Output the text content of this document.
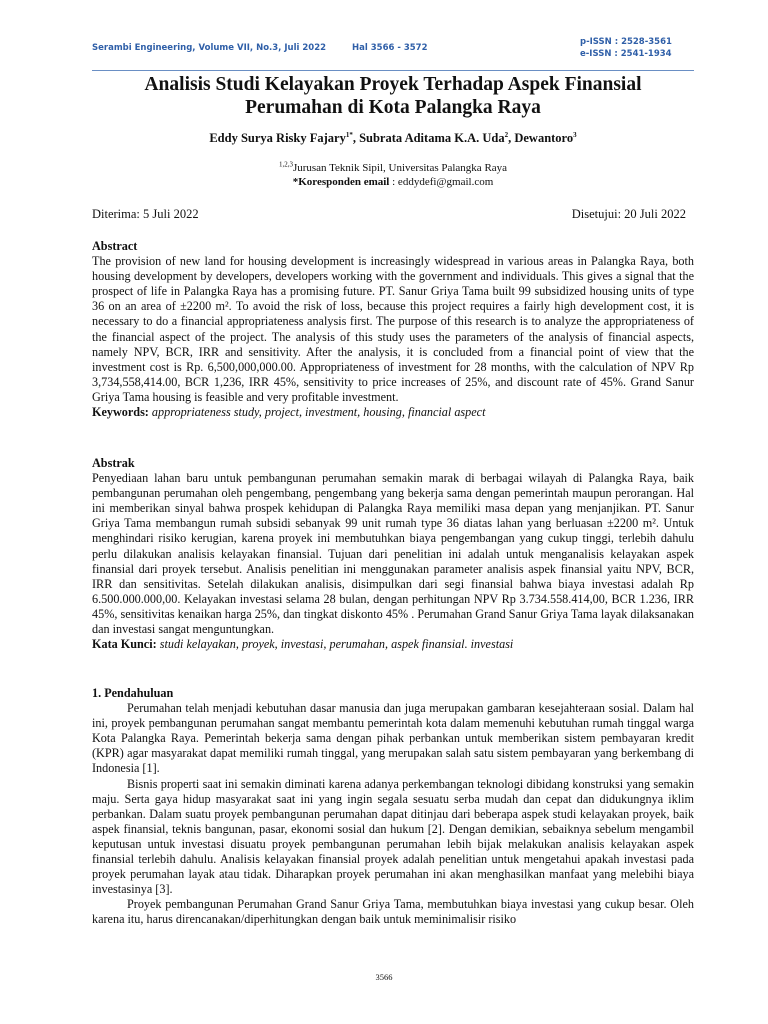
Serambi Engineering, Volume VII, No.3, Juli 2022	Hal 3566 - 3572
p-ISSN : 2528-3561
e-ISSN : 2541-1934
Analisis Studi Kelayakan Proyek Terhadap Aspek Finansial
Perumahan di Kota Palangka Raya
Eddy Surya Risky Fajary$^{1*}$, Subrata Aditama K.A. Uda$^2$, Dewantoro$^3$
$^{1,2,3}$Jurusan Teknik Sipil, Universitas Palangka Raya
*Koresponden email : eddydefi@gmail.com
Diterima: 5 Juli 2022	Disetujui: 20 Juli 2022
Abstract

The provision of new land for housing development is increasingly widespread in various areas in Palangka Raya, both housing development by developers, developers working with the government and individuals. This gives a signal that the prospect of life in Palangka Raya has a promising future. PT. Sanur Griya Tama built 99 subsidized housing units of type 36 on an area of ±2200 m². To avoid the risk of loss, because this project requires a fairly high development cost, it is necessary to do a financial appropriateness analysis first. The purpose of this research is to analyze the appropriateness of the financial aspect of the project. The analysis of this study uses the parameters of the analysis of financial aspects, namely NPV, BCR, IRR and sensitivity. After the analysis, it is concluded from a financial point of view that the investment cost is Rp. 6,500,000,000.00. Appropriateness of investment for 28 months, with the calculation of NPV Rp 3,734,558,414.00, BCR 1,236, IRR 45%, sensitivity to price increases of 25%, and discount rate of 45%. Grand Sanur Griya Tama housing is feasible and very profitable investment.

Keywords: appropriateness study, project, investment, housing, financial aspect
Abstrak

Penyediaan lahan baru untuk pembangunan perumahan semakin marak di berbagai wilayah di Palangka Raya, baik pembangunan perumahan oleh pengembang, pengembang yang bekerja sama dengan pemerintah maupun perorangan. Hal ini memberikan sinyal bahwa prospek kehidupan di Palangka Raya memiliki masa depan yang menjanjikan. PT. Sanur Griya Tama membangun rumah subsidi sebanyak 99 unit rumah type 36 diatas lahan yang berluasan ±2200 m². Untuk menghindari risiko kerugian, karena proyek ini membutuhkan biaya pengembangan yang cukup tinggi, terlebih dahulu perlu dilakukan analisis kelayakan finansial. Tujuan dari penelitian ini adalah untuk menganalisis kelayakan aspek finansial dari proyek tersebut. Analisis penelitian ini menggunakan parameter analisis aspek finansial yaitu NPV, BCR, IRR dan sensitivitas. Setelah dilakukan analisis, disimpulkan dari segi finansial bahwa biaya investasi adalah Rp 6.500.000.000,00. Kelayakan investasi selama 28 bulan, dengan perhitungan NPV Rp 3.734.558.414,00, BCR 1.236, IRR 45%, sensitivitas kenaikan harga 25%, dan tingkat diskonto 45% . Perumahan Grand Sanur Griya Tama layak dilaksanakan dan investasi sangat menguntungkan.

Kata Kunci: studi kelayakan, proyek, investasi, perumahan, aspek finansial. investasi
1. Pendahuluan

Perumahan telah menjadi kebutuhan dasar manusia dan juga merupakan gambaran kesejahteraan sosial. Dalam hal ini, proyek pembangunan perumahan sangat membantu pemerintah kota dalam memenuhi kebutuhan rumah tinggal warga Kota Palangka Raya. Pemerintah bekerja sama dengan pihak perbankan untuk memberikan sistem pembayaran kredit (KPR) agar masyarakat dapat memiliki rumah tinggal, yang merupakan salah satu sistem pembayaran yang berkembang di Indonesia [1].

Bisnis properti saat ini semakin diminati karena adanya perkembangan teknologi dibidang konstruksi yang semakin maju. Serta gaya hidup masyarakat saat ini yang ingin segala sesuatu serba mudah dan cepat dan didukungnya iklim perbankan. Dalam suatu proyek pembangunan perumahan dapat ditinjau dari beberapa aspek studi kelayakan proyek, baik aspek finansial, teknis bangunan, pasar, ekonomi sosial dan hukum [2]. Dengan demikian, sebaiknya sebelum mengambil keputusan untuk investasi disuatu proyek pembangunan perumahan lebih bijak melakukan analisis kelayakan aspek finansial terlebih dahulu. Analisis kelayakan finansial proyek adalah penelitian untuk mengetahui apakah investasi pada proyek perumahan layak atau tidak. Diharapkan proyek perumahan ini akan menghasilkan manfaat yang melebihi biaya investasinya [3].

Proyek pembangunan Perumahan Grand Sanur Griya Tama, membutuhkan biaya investasi yang cukup besar. Oleh karena itu, harus direncanakan/diperhitungkan dengan baik untuk meminimalisir risiko

3566
